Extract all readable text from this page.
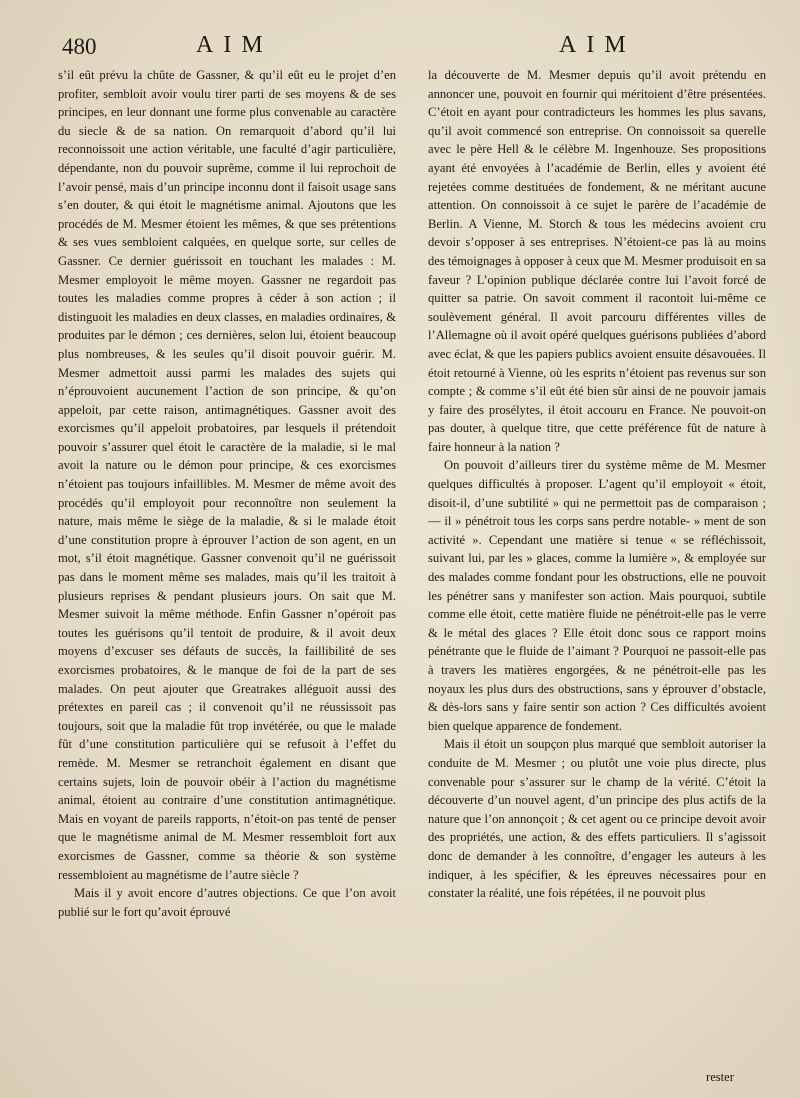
480	AIM	AIM

s’il eût prévu la chûte de Gassner, & qu’il eût eu le projet d’en profiter, sembloit avoir voulu tirer parti de ses moyens & de ses principes, en leur donnant une forme plus convenable au caractère du siecle & de sa nation. On remarquoit d’abord qu’il lui reconnoissoit une action véritable, une faculté d’agir particulière, dépendante, non du pouvoir suprême, comme il lui reprochoit de l’avoir pensé, mais d’un principe inconnu dont il faisoit usage sans s’en douter, & qui étoit le magnétisme animal. Ajoutons que les procédés de M. Mesmer étoient les mêmes, & que ses prétentions & ses vues sembloient calquées, en quelque sorte, sur celles de Gassner. Ce dernier guérissoit en touchant les malades : M. Mesmer employoit le même moyen. Gassner ne regardoit pas toutes les maladies comme propres à céder à son action ; il distinguoit les maladies en deux classes, en maladies ordinaires, & produites par le démon ; ces dernières, selon lui, étoient beaucoup plus nombreuses, & les seules qu’il disoit pouvoir guérir. M. Mesmer admettoit aussi parmi les malades des sujets qui n’éprouvoient aucunement l’action de son principe, & qu’on appeloit, par cette raison, antimagnétiques. Gassner avoit des exorcismes qu’il appeloit probatoires, par lesquels il prétendoit pouvoir s’assurer quel étoit le caractère de la maladie, si le mal avoit la nature ou le démon pour principe, & ces exorcismes n’étoient pas toujours infaillibles. M. Mesmer de même avoit des procédés qu’il employoit pour reconnoître non seulement la nature, mais même le siège de la maladie, & si le malade étoit d’une constitution propre à éprouver l’action de son agent, en un mot, s’il étoit magnétique. Gassner convenoit qu’il ne guérissoit pas dans le moment même ses malades, mais qu’il les traitoit à plusieurs reprises & pendant plusieurs jours. On sait que M. Mesmer suivoit la même méthode. Enfin Gassner n’opéroit pas toutes les guérisons qu’il tentoit de produire, & il avoit deux moyens d’excuser ses défauts de succès, la faillibilité de ses exorcismes probatoires, & le manque de foi de la part de ses malades. On peut ajouter que Greatrakes alléguoit aussi des prétextes en pareil cas ; il convenoit qu’il ne réussissoit pas toujours, soit que la maladie fût trop invétérée, ou que le malade fût d’une constitution particulière qui se refusoit à l’effet du remède. M. Mesmer se retranchoit également en disant que certains sujets, loin de pouvoir obéir à l’action du magnétisme animal, étoient au contraire d’une constitution antimagnétique. Mais en voyant de pareils rapports, n’étoit-on pas tenté de penser que le magnétisme animal de M. Mesmer ressembloit fort aux exorcismes de Gassner, comme sa théorie & son système ressembloient au magnétisme de l’autre siècle ?

Mais il y avoit encore d’autres objections. Ce que l’on avoit publié sur le fort qu’avoit éprouvé

la découverte de M. Mesmer depuis qu’il avoit prétendu en annoncer une, pouvoit en fournir qui méritoient d’être présentées. C’étoit en ayant pour contradicteurs les hommes les plus savans, qu’il avoit commencé son entreprise. On connoissoit sa querelle avec le père Hell & le célèbre M. Ingenhouze. Ses propositions ayant été envoyées à l’académie de Berlin, elles y avoient été rejetées comme destituées de fondement, & ne méritant aucune attention. On connoissoit à ce sujet le parère de l’académie de Berlin. A Vienne, M. Storch & tous les médecins avoient cru devoir s’opposer à ses entreprises. N’étoient-ce pas là au moins des témoignages à opposer à ceux que M. Mesmer produisoit en sa faveur ? L’opinion publique déclarée contre lui l’avoit forcé de quitter sa patrie. On savoit comment il racontoit lui-même ce soulèvement général. Il avoit parcouru différentes villes de l’Allemagne où il avoit opéré quelques guérisons publiées d’abord avec éclat, & que les papiers publics avoient ensuite désavouées. Il étoit retourné à Vienne, où les esprits n’étoient pas revenus sur son compte ; & comme s’il eût été bien sûr ainsi de ne pouvoir jamais y faire des prosélytes, il étoit accouru en France. Ne pouvoit-on pas douter, à quelque titre, que cette préférence fût de nature à faire honneur à la nation ?

On pouvoit d’ailleurs tirer du système même de M. Mesmer quelques difficultés à proposer. L’agent qu’il employoit « étoit, disoit-il, d’une subtilité » qui ne permettoit pas de comparaison ; — il » pénétroit tous les corps sans perdre notable- » ment de son activité ». Cependant une matière si tenue « se réfléchissoit, suivant lui, par les » glaces, comme la lumière », & employée sur des malades comme fondant pour les obstructions, elle ne pouvoit les pénétrer sans y manifester son action. Mais pourquoi, subtile comme elle étoit, cette matière fluide ne pénétroit-elle pas le verre & le métal des glaces ? Elle étoit donc sous ce rapport moins pénétrante que le fluide de l’aimant ? Pourquoi ne passoit-elle pas à travers les matières engorgées, & ne pénétroit-elle pas les noyaux les plus durs des obstructions, sans y éprouver d’obstacle, & dès-lors sans y faire sentir son action ? Ces difficultés avoient bien quelque apparence de fondement.

Mais il étoit un soupçon plus marqué que sembloit autoriser la conduite de M. Mesmer ; ou plutôt une voie plus directe, plus convenable pour s’assurer sur le champ de la vérité. C’étoit la découverte d’un nouvel agent, d’un principe des plus actifs de la nature que l’on annonçoit ; & cet agent ou ce principe devoit avoir des propriétés, une action, & des effets particuliers. Il s’agissoit donc de demander à les connoître, d’engager les auteurs à les indiquer, à les spécifier, & les épreuves nécessaires pour en constater la réalité, une fois répétées, il ne pouvoit plus

rester
